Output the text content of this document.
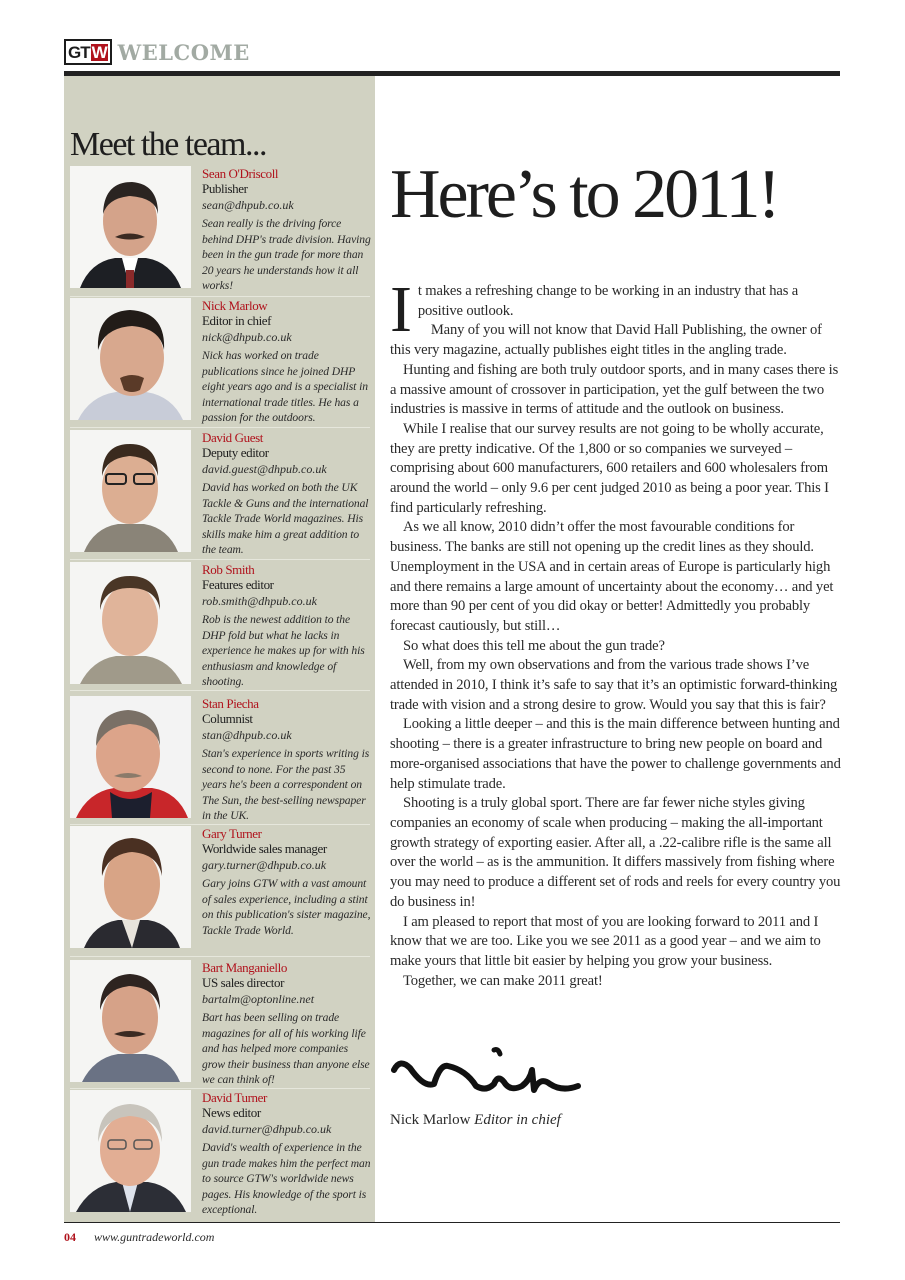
GT W WELCOME
Meet the team...
Sean O'Driscoll
Publisher
sean@dhpub.co.uk
Sean really is the driving force behind DHP's trade division. Having been in the gun trade for more than 20 years he understands how it all works!
Nick Marlow
Editor in chief
nick@dhpub.co.uk
Nick has worked on trade publications since he joined DHP eight years ago and is a specialist in international trade titles. He has a passion for the outdoors.
David Guest
Deputy editor
david.guest@dhpub.co.uk
David has worked on both the UK Tackle & Guns and the international Tackle Trade World magazines. His skills make him a great addition to the team.
Rob Smith
Features editor
rob.smith@dhpub.co.uk
Rob is the newest addition to the DHP fold but what he lacks in experience he makes up for with his enthusiasm and knowledge of shooting.
Stan Piecha
Columnist
stan@dhpub.co.uk
Stan's experience in sports writing is second to none. For the past 35 years he's been a correspondent on The Sun, the best-selling newspaper in the UK.
Gary Turner
Worldwide sales manager
gary.turner@dhpub.co.uk
Gary joins GTW with a vast amount of sales experience, including a stint on this publication's sister magazine, Tackle Trade World.
Bart Manganiello
US sales director
bartalm@optonline.net
Bart has been selling on trade magazines for all of his working life and has helped more companies grow their business than anyone else we can think of!
David Turner
News editor
david.turner@dhpub.co.uk
David's wealth of experience in the gun trade makes him the perfect man to source GTW's worldwide news pages. His knowledge of the sport is exceptional.
Here’s to 2011!

It makes a refreshing change to be working in an industry that has a positive outlook.

Many of you will not know that David Hall Publishing, the owner of this very magazine, actually publishes eight titles in the angling trade.

Hunting and fishing are both truly outdoor sports, and in many cases there is a massive amount of crossover in participation, yet the gulf between the two industries is massive in terms of attitude and the outlook on business.

While I realise that our survey results are not going to be wholly accurate, they are pretty indicative. Of the 1,800 or so companies we surveyed – comprising about 600 manufacturers, 600 retailers and 600 wholesalers from around the world – only 9.6 per cent judged 2010 as being a poor year. This I find particularly refreshing.

As we all know, 2010 didn’t offer the most favourable conditions for business. The banks are still not opening up the credit lines as they should. Unemployment in the USA and in certain areas of Europe is particularly high and there remains a large amount of uncertainty about the economy… and yet more than 90 per cent of you did okay or better! Admittedly you probably forecast cautiously, but still…

So what does this tell me about the gun trade?

Well, from my own observations and from the various trade shows I’ve attended in 2010, I think it’s safe to say that it’s an optimistic forward-thinking trade with vision and a strong desire to grow. Would you say that this is fair?

Looking a little deeper – and this is the main difference between hunting and shooting – there is a greater infrastructure to bring new people on board and more-organised associations that have the power to challenge governments and help stimulate trade.

Shooting is a truly global sport. There are far fewer niche styles giving companies an economy of scale when producing – making the all-important growth strategy of exporting easier. After all, a .22-calibre rifle is the same all over the world – as is the ammunition. It differs massively from fishing where you may need to produce a different set of rods and reels for every country you do business in!

I am pleased to report that most of you are looking forward to 2011 and I know that we are too. Like you we see 2011 as a good year – and we aim to make yours that little bit easier by helping you grow your business.

Together, we can make 2011 great!

Nick Marlow Editor in chief
04 www.guntradeworld.com
